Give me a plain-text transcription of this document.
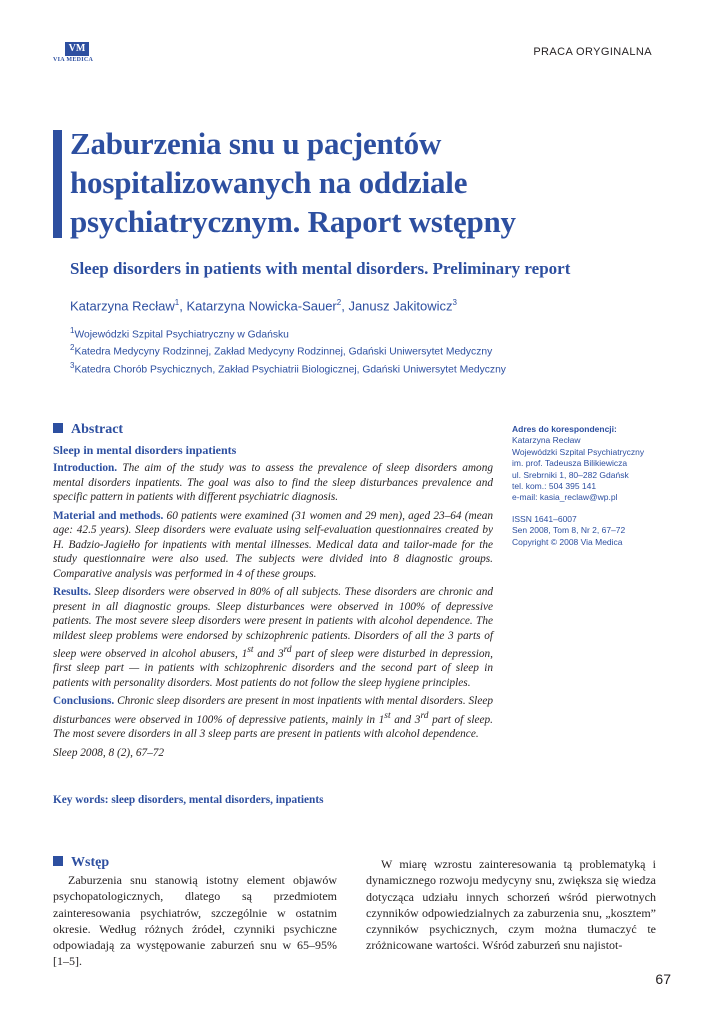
VM
VIA MEDICA
PRACA ORYGINALNA
Zaburzenia snu u pacjentów hospitalizowanych na oddziale psychiatrycznym. Raport wstępny
Sleep disorders in patients with mental disorders. Preliminary report
Katarzyna Recław$^1$, Katarzyna Nowicka-Sauer$^2$, Janusz Jakitowicz$^3$
$^1$Wojewódzki Szpital Psychiatryczny w Gdańsku
$^2$Katedra Medycyny Rodzinnej, Zakład Medycyny Rodzinnej, Gdański Uniwersytet Medyczny
$^3$Katedra Chorób Psychicznych, Zakład Psychiatrii Biologicznej, Gdański Uniwersytet Medyczny
Abstract
Sleep in mental disorders inpatients

Introduction. The aim of the study was to assess the prevalence of sleep disorders among mental disorders inpatients. The goal was also to find the sleep disturbances prevalence and specific pattern in patients with different psychiatric diagnosis.

Material and methods. 60 patients were examined (31 women and 29 men), aged 23–64 (mean age: 42.5 years). Sleep disorders were evaluate using self-evaluation questionnaires created by H. Badzio-Jagiełło for inpatients with mental illnesses. Medical data and tailor-made for the study questionnaire were also used. The subjects were divided into 8 diagnostic groups. Comparative analysis was performed in 4 of these groups.

Results. Sleep disorders were observed in 80% of all subjects. These disorders are chronic and present in all diagnostic groups. Sleep disturbances were observed in 100% of depressive patients. The most severe sleep disorders were present in patients with alcohol dependence. The mildest sleep problems were endorsed by schizophrenic patients. Disorders of all the 3 parts of sleep were observed in alcohol abusers, 1st and 3rd part of sleep were disturbed in depression, first sleep part — in patients with schizophrenic disorders and the second part of sleep in patients with personality disorders. Most patients do not follow the sleep hygiene principles.

Conclusions. Chronic sleep disorders are present in most inpatients with mental disorders. Sleep disturbances were observed in 100% of depressive patients, mainly in 1st and 3rd part of sleep. The most severe disorders in all 3 sleep parts are present in patients with alcohol dependence.

Sleep 2008, 8 (2), 67–72

Key words: sleep disorders, mental disorders, inpatients
Adres do korespondencji:
Katarzyna Recław
Wojewódzki Szpital Psychiatryczny
im. prof. Tadeusza Bilikiewicza
ul. Srebrniki 1, 80–282 Gdańsk
tel. kom.: 504 395 141
e-mail: kasia_reclaw@wp.pl
ISSN 1641–6007
Sen 2008, Tom 8, Nr 2, 67–72
Copyright © 2008 Via Medica
Wstęp

Zaburzenia snu stanowią istotny element objawów psychopatologicznych, dlatego są przedmiotem zainteresowania psychiatrów, szczególnie w ostatnim okresie. Według różnych źródeł, czynniki psychiczne odpowiadają za występowanie zaburzeń snu w 65–95% [1–5].

W miarę wzrostu zainteresowania tą problematyką i dynamicznego rozwoju medycyny snu, zwiększa się wiedza dotycząca udziału innych schorzeń wśród pierwotnych czynników odpowiedzialnych za zaburzenia snu, „kosztem” czynników psychicznych, czym można tłumaczyć te zróżnicowane wartości. Wśród zaburzeń snu najistot-

67
